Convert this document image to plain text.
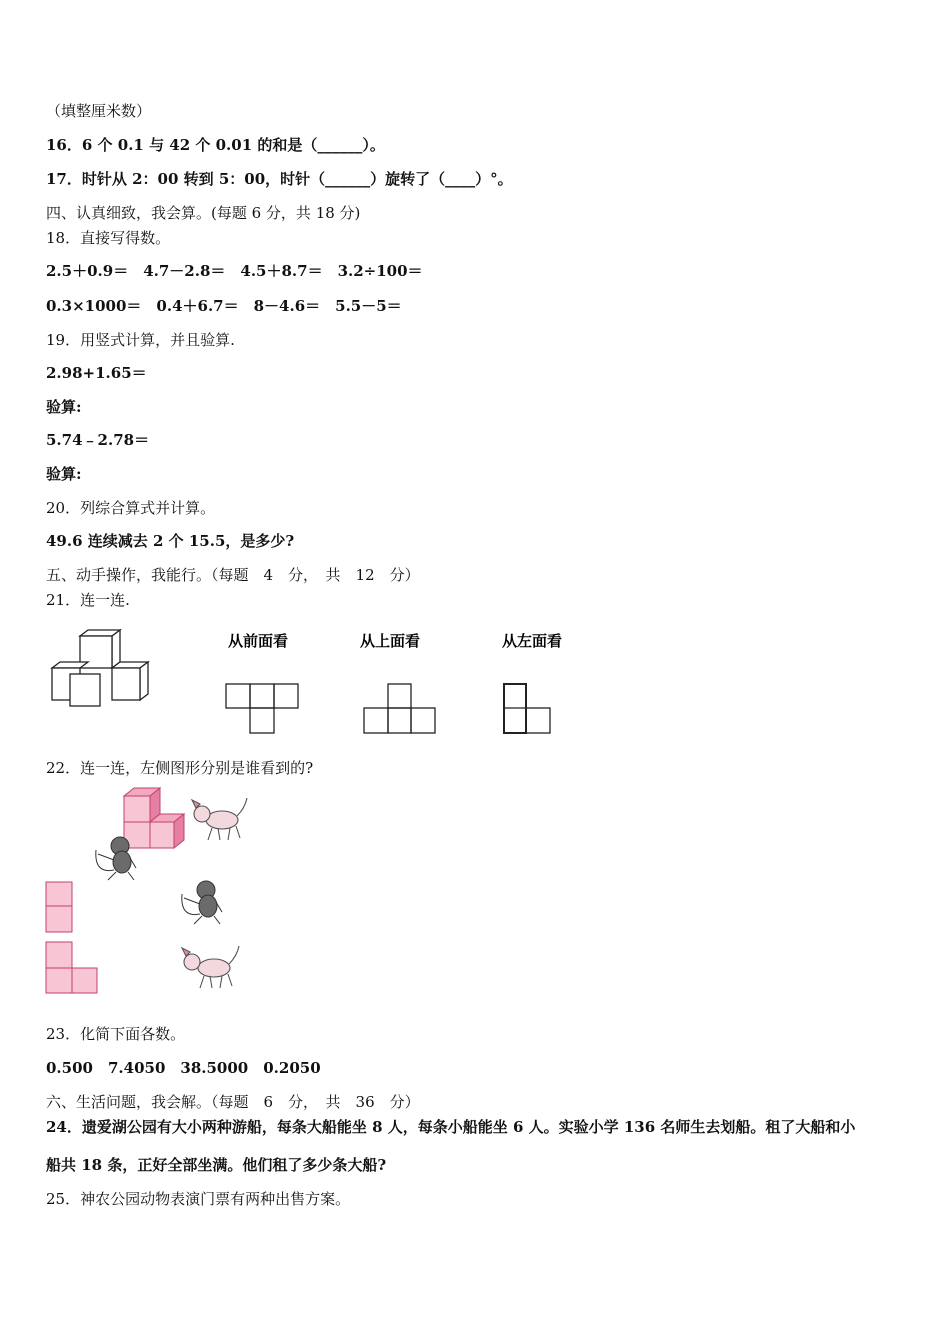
（填整厘米数）
16．6 个 0.1 与 42 个 0.01 的和是（______）。
17．时针从 2：00 转到 5：00，时针（______）旋转了（____）°。
四、认真细致，我会算。(每题 6 分，共 18 分)
18．直接写得数。
2.5＋0.9＝　4.7－2.8＝　4.5＋8.7＝　3.2÷100＝
0.3×1000＝　0.4＋6.7＝　8－4.6＝　5.5－5＝
19．用竖式计算，并且验算.
2.98+1.65＝
验算:
5.74﹣2.78＝
验算:
20．列综合算式并计算。
49.6 连续减去 2 个 15.5，是多少?
五、动手操作，我能行。（每题　4　分，　共　12　分）
21．连一连.
从前面看	从上面看	从左面看
22．连一连，左侧图形分别是谁看到的?
23．化简下面各数。
0.500　7.4050　38.5000　0.2050
六、生活问题，我会解。（每题　6　分，　共　36　分）
24．遗爱湖公园有大小两种游船，每条大船能坐 8 人，每条小船能坐 6 人。实验小学 136 名师生去划船。租了大船和小
船共 18 条，正好全部坐满。他们租了多少条大船?
25．神农公园动物表演门票有两种出售方案。
